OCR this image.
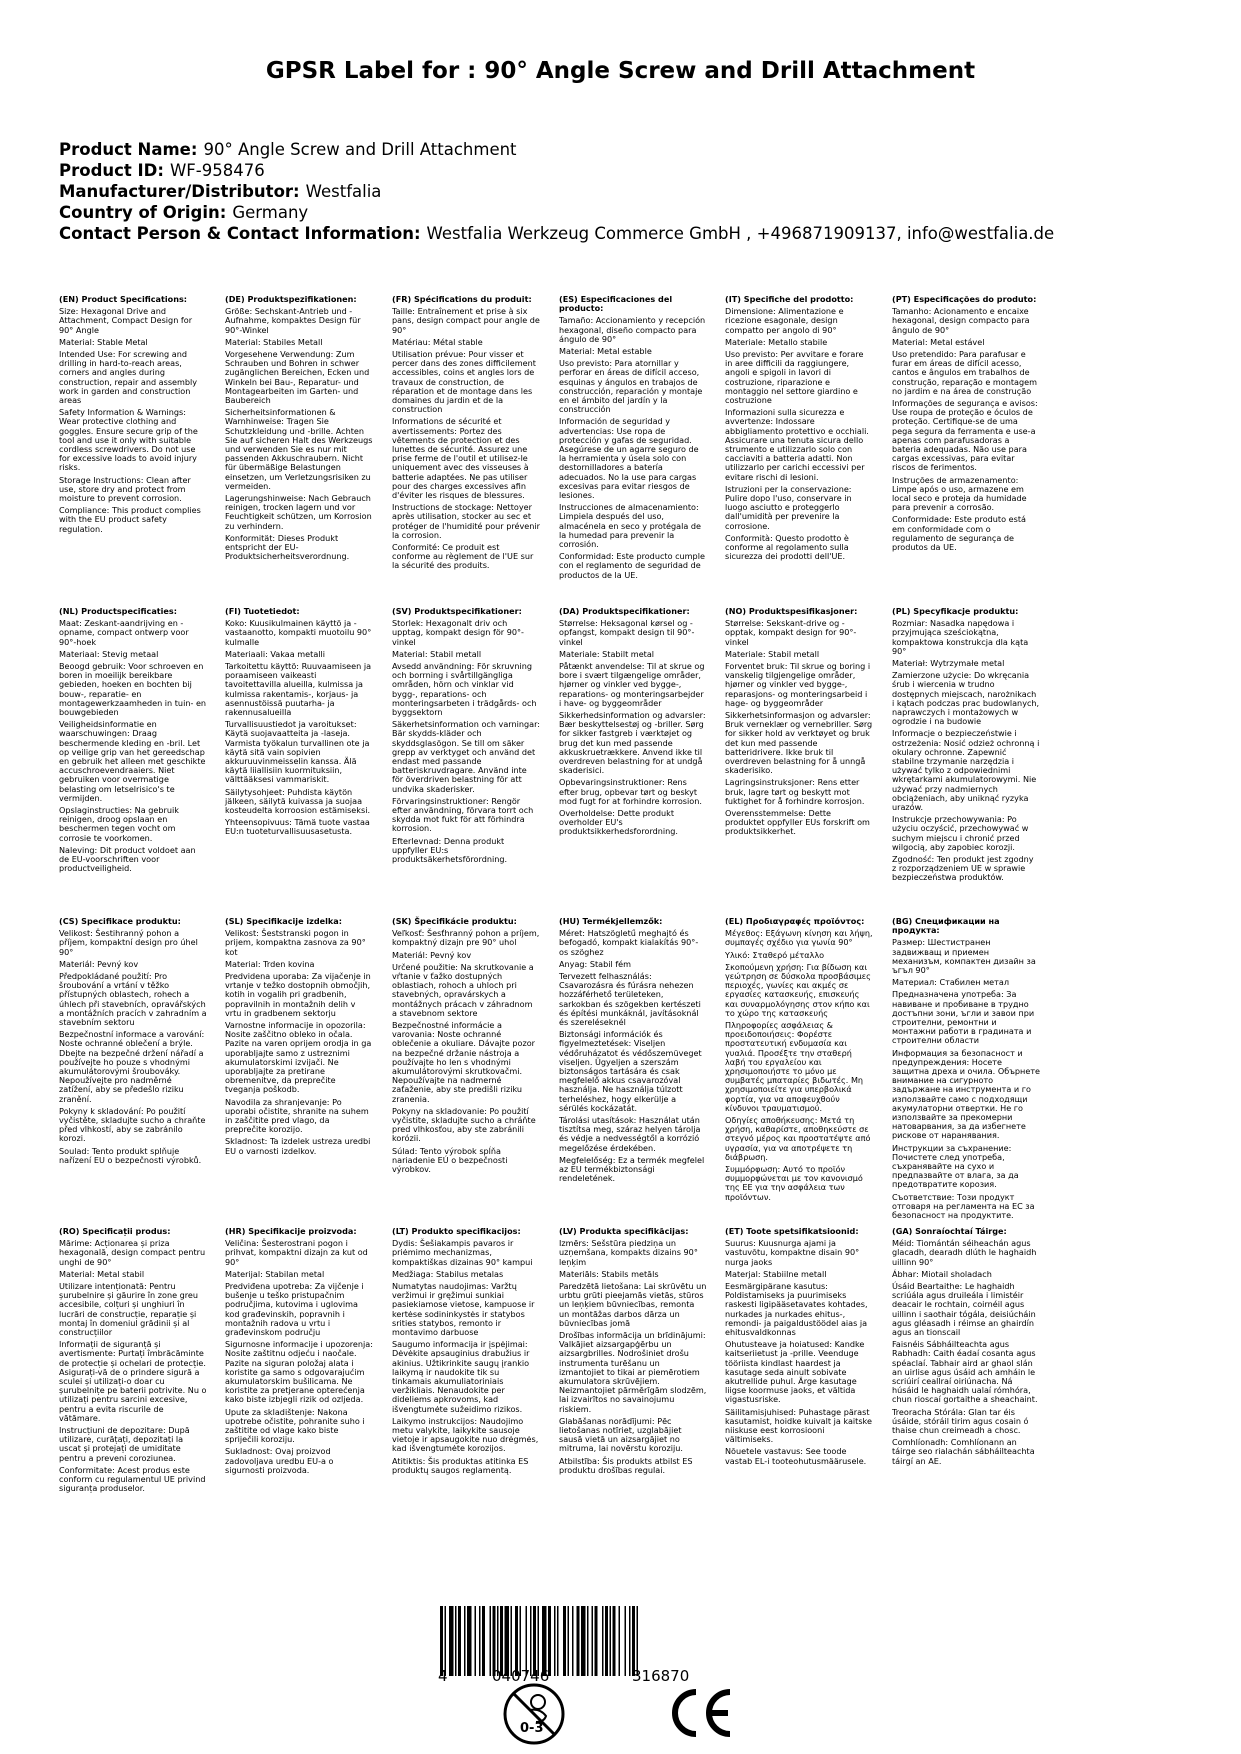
GPSR Label for : 90° Angle Screw and Drill Attachment
Product Name: 90° Angle Screw and Drill Attachment
Product ID: WF-958476
Manufacturer/Distributor: Westfalia
Country of Origin: Germany
Contact Person & Contact Information: Westfalia Werkzeug Commerce GmbH , +496871909137, info@westfalia.de

(EN) Product Specifications:

Size: Hexagonal Drive and Attachment, Compact Design for 90° Angle

Material: Stable Metal

Intended Use: For screwing and drilling in hard-to-reach areas, corners and angles during construction, repair and assembly work in garden and construction areas

Safety Information & Warnings: Wear protective clothing and goggles. Ensure secure grip of the tool and use it only with suitable cordless screwdrivers. Do not use for excessive loads to avoid injury risks.

Storage Instructions: Clean after use, store dry and protect from moisture to prevent corrosion.

Compliance: This product complies with the EU product safety regulation.

(DE) Produktspezifikationen:

Größe: Sechskant-Antrieb und -Aufnahme, kompaktes Design für 90°-Winkel

Material: Stabiles Metall

Vorgesehene Verwendung: Zum Schrauben und Bohren in schwer zugänglichen Bereichen, Ecken und Winkeln bei Bau-, Reparatur- und Montagearbeiten im Garten- und Baubereich

Sicherheitsinformationen & Warnhinweise: Tragen Sie Schutzkleidung und -brille. Achten Sie auf sicheren Halt des Werkzeugs und verwenden Sie es nur mit passenden Akkuschraubern. Nicht für übermäßige Belastungen einsetzen, um Verletzungsrisiken zu vermeiden.

Lagerungshinweise: Nach Gebrauch reinigen, trocken lagern und vor Feuchtigkeit schützen, um Korrosion zu verhindern.

Konformität: Dieses Produkt entspricht der EU-Produktsicherheitsverordnung.

(FR) Spécifications du produit:

Taille: Entraînement et prise à six pans, design compact pour angle de 90°

Matériau: Métal stable

Utilisation prévue: Pour visser et percer dans des zones difficilement accessibles, coins et angles lors de travaux de construction, de réparation et de montage dans les domaines du jardin et de la construction

Informations de sécurité et avertissements: Portez des vêtements de protection et des lunettes de sécurité. Assurez une prise ferme de l'outil et utilisez-le uniquement avec des visseuses à batterie adaptées. Ne pas utiliser pour des charges excessives afin d'éviter les risques de blessures.

Instructions de stockage: Nettoyer après utilisation, stocker au sec et protéger de l'humidité pour prévenir la corrosion.

Conformité: Ce produit est conforme au règlement de l'UE sur la sécurité des produits.

(ES) Especificaciones del producto:

Tamaño: Accionamiento y recepción hexagonal, diseño compacto para ángulo de 90°

Material: Metal estable

Uso previsto: Para atornillar y perforar en áreas de difícil acceso, esquinas y ángulos en trabajos de construcción, reparación y montaje en el ámbito del jardín y la construcción

Información de seguridad y advertencias: Use ropa de protección y gafas de seguridad. Asegúrese de un agarre seguro de la herramienta y úsela solo con destornilladores a batería adecuados. No la use para cargas excesivas para evitar riesgos de lesiones.

Instrucciones de almacenamiento: Limpiela después del uso, almacénela en seco y protégala de la humedad para prevenir la corrosión.

Conformidad: Este producto cumple con el reglamento de seguridad de productos de la UE.

(IT) Specifiche del prodotto:

Dimensione: Alimentazione e ricezione esagonale, design compatto per angolo di 90°

Materiale: Metallo stabile

Uso previsto: Per avvitare e forare in aree difficili da raggiungere, angoli e spigoli in lavori di costruzione, riparazione e montaggio nel settore giardino e costruzione

Informazioni sulla sicurezza e avvertenze: Indossare abbigliamento protettivo e occhiali. Assicurare una tenuta sicura dello strumento e utilizzarlo solo con cacciaviti a batteria adatti. Non utilizzarlo per carichi eccessivi per evitare rischi di lesioni.

Istruzioni per la conservazione: Pulire dopo l'uso, conservare in luogo asciutto e proteggerlo dall'umidità per prevenire la corrosione.

Conformità: Questo prodotto è conforme al regolamento sulla sicurezza dei prodotti dell'UE.

(PT) Especificações do produto:

Tamanho: Acionamento e encaixe hexagonal, design compacto para ângulo de 90°

Material: Metal estável

Uso pretendido: Para parafusar e furar em áreas de difícil acesso, cantos e ângulos em trabalhos de construção, reparação e montagem no jardim e na área de construção

Informações de segurança e avisos: Use roupa de proteção e óculos de proteção. Certifique-se de uma pega segura da ferramenta e use-a apenas com parafusadoras a bateria adequadas. Não use para cargas excessivas, para evitar riscos de ferimentos.

Instruções de armazenamento: Limpe após o uso, armazene em local seco e proteja da humidade para prevenir a corrosão.

Conformidade: Este produto está em conformidade com o regulamento de segurança de produtos da UE.

(NL) Productspecificaties:

Maat: Zeskant-aandrijving en -opname, compact ontwerp voor 90°-hoek

Materiaal: Stevig metaal

Beoogd gebruik: Voor schroeven en boren in moeilijk bereikbare gebieden, hoeken en bochten bij bouw-, reparatie- en montagewerkzaamheden in tuin- en bouwgebieden

Veiligheidsinformatie en waarschuwingen: Draag beschermende kleding en -bril. Let op veilige grip van het gereedschap en gebruik het alleen met geschikte accuschroevendraaiers. Niet gebruiken voor overmatige belasting om letselrisico's te vermijden.

Opslaginstructies: Na gebruik reinigen, droog opslaan en beschermen tegen vocht om corrosie te voorkomen.

Naleving: Dit product voldoet aan de EU-voorschriften voor productveiligheid.

(FI) Tuotetiedot:

Koko: Kuusikulmainen käyttö ja -vastaanotto, kompakti muotoilu 90° kulmalle

Materiaali: Vakaa metalli

Tarkoitettu käyttö: Ruuvaamiseen ja poraamiseen vaikeasti tavoitettavilla alueilla, kulmissa ja kulmissa rakentamis-, korjaus- ja asennustöissä puutarha- ja rakennusalueilla

Turvallisuustiedot ja varoitukset: Käytä suojavaatteita ja -laseja. Varmista työkalun turvallinen ote ja käytä sitä vain sopivien akkuruuvinmeisselin kanssa. Älä käytä liiallisiin kuormituksiin, välttääksesi vammariskit.

Säilytysohjeet: Puhdista käytön jälkeen, säilytä kuivassa ja suojaa kosteudelta korroosion estämiseksi.

Yhteensopivuus: Tämä tuote vastaa EU:n tuoteturvallisuusasetusta.

(SV) Produktspecifikationer:

Storlek: Hexagonalt driv och upptag, kompakt design för 90°-vinkel

Material: Stabil metall

Avsedd användning: För skruvning och borrning i svårtillgängliga områden, hörn och vinklar vid bygg-, reparations- och monteringsarbeten i trädgårds- och byggsektorn

Säkerhetsinformation och varningar: Bär skydds-kläder och skyddsglasögon. Se till om säker grepp av verktyget och använd det endast med passande batteriskruvdragare. Använd inte för överdriven belastning för att undvika skaderisker.

Förvaringsinstruktioner: Rengör efter användning, förvara torrt och skydda mot fukt för att förhindra korrosion.

Efterlevnad: Denna produkt uppfyller EU:s produktsäkerhetsförordning.

(DA) Produktspecifikationer:

Størrelse: Heksagonal kørsel og -opfangst, kompakt design til 90°-vinkel

Materiale: Stabilt metal

Påtænkt anvendelse: Til at skrue og bore i svært tilgængelige områder, hjørner og vinkler ved bygge-, reparations- og monteringsarbejder i have- og byggeområder

Sikkerhedsinformation og advarsler: Bær beskyttelsestøj og -briller. Sørg for sikker fastgreb i værktøjet og brug det kun med passende akkuskruetrækkere. Anvend ikke til overdreven belastning for at undgå skaderisici.

Opbevaringsinstruktioner: Rens efter brug, opbevar tørt og beskyt mod fugt for at forhindre korrosion.

Overholdelse: Dette produkt overholder EU's produktsikkerhedsforordning.

(NO) Produktspesifikasjoner:

Størrelse: Sekskant-drive og -opptak, kompakt design for 90°-vinkel

Materiale: Stabil metall

Forventet bruk: Til skrue og boring i vanskelig tilgjengelige områder, hjørner og vinkler ved bygge-, reparasjons- og monteringsarbeid i hage- og byggeområder

Sikkerhetsinformasjon og advarsler: Bruk verneklær og vernebriller. Sørg for sikker hold av verktøyet og bruk det kun med passende batteridrivere. Ikke bruk til overdreven belastning for å unngå skaderisiko.

Lagringsinstruksjoner: Rens etter bruk, lagre tørt og beskytt mot fuktighet for å forhindre korrosjon.

Overensstemmelse: Dette produktet oppfyller EUs forskrift om produktsikkerhet.

(PL) Specyfikacje produktu:

Rozmiar: Nasadka napędowa i przyjmująca sześciokątna, kompaktowa konstrukcja dla kąta 90°

Materiał: Wytrzymałe metal

Zamierzone użycie: Do wkręcania śrub i wiercenia w trudno dostępnych miejscach, narożnikach i kątach podczas prac budowlanych, naprawczych i montażowych w ogrodzie i na budowie

Informacje o bezpieczeństwie i ostrzeżenia: Nosić odzież ochronną i okulary ochronne. Zapewnić stabilne trzymanie narzędzia i używać tylko z odpowiednimi wkrętarkami akumulatorowymi. Nie używać przy nadmiernych obciążeniach, aby uniknąć ryzyka urazów.

Instrukcje przechowywania: Po użyciu oczyścić, przechowywać w suchym miejscu i chronić przed wilgocią, aby zapobiec korozji.

Zgodność: Ten produkt jest zgodny z rozporządzeniem UE w sprawie bezpieczeństwa produktów.

(CS) Specifikace produktu:

Velikost: Šestihranný pohon a příjem, kompaktní design pro úhel 90°

Materiál: Pevný kov

Předpokládané použití: Pro šroubování a vrtání v těžko přístupných oblastech, rohech a úhlech při stavebních, opravářských a montážních pracích v zahradním a stavebním sektoru

Bezpečnostní informace a varování: Noste ochranné oblečení a brýle. Dbejte na bezpečné držení nářadí a používejte ho pouze s vhodnými akumulátorovými šroubováky. Nepoužívejte pro nadměrné zatížení, aby se předešlo riziku zranění.

Pokyny k skladování: Po použití vyčistěte, skladujte sucho a chraňte před vlhkostí, aby se zabránilo korozi.

Soulad: Tento produkt splňuje nařízení EU o bezpečnosti výrobků.

(SL) Specifikacije izdelka:

Velikost: Šeststranski pogon in prijem, kompaktna zasnova za 90° kot

Material: Trden kovina

Predvidena uporaba: Za vijačenje in vrtanje v težko dostopnih območjih, kotih in vogalih pri gradbenih, popravilnih in montažnih delih v vrtu in gradbenem sektorju

Varnostne informacije in opozorila: Nosite zaščitno obleko in očala. Pazite na varen oprijem orodja in ga uporabljajte samo z ustreznimi akumulatorskimi izvijači. Ne uporabljajte za pretirane obremenitve, da preprečite tveganja poškodb.

Navodila za shranjevanje: Po uporabi očistite, shranite na suhem in zaščitite pred vlago, da preprečite korozijo.

Skladnost: Ta izdelek ustreza uredbi EU o varnosti izdelkov.

(SK) Špecifikácie produktu:

Veľkosť: Šesťhranný pohon a príjem, kompaktný dizajn pre 90° uhol

Materiál: Pevný kov

Určené použitie: Na skrutkovanie a vŕtanie v ťažko dostupných oblastiach, rohoch a uhloch pri stavebných, opravárskych a montážnych prácach v záhradnom a stavebnom sektore

Bezpečnostné informácie a varovania: Noste ochranné oblečenie a okuliare. Dávajte pozor na bezpečné držanie nástroja a používajte ho len s vhodnými akumulátorovými skrutkovačmi. Nepoužívajte na nadmerné zaťaženie, aby ste predišli riziku zranenia.

Pokyny na skladovanie: Po použití vyčistite, skladujte sucho a chráňte pred vlhkosťou, aby ste zabránili korózii.

Súlad: Tento výrobok spĺňa nariadenie EÚ o bezpečnosti výrobkov.

(HU) Termékjellemzők:

Méret: Hatszögletű meghajtó és befogadó, kompakt kialakítás 90°-os szöghez

Anyag: Stabil fém

Tervezett felhasználás: Csavarozásra és fúrásra nehezen hozzáférhető területeken, sarkokban és szögekben kertészeti és építési munkáknál, javításoknál és szereléseknél

Biztonsági információk és figyelmeztetések: Viseljen védőruházatot és védőszemüveget viseljen. Ügyeljen a szerszám biztonságos tartására és csak megfelelő akkus csavarozóval használja. Ne használja túlzott terheléshez, hogy elkerülje a sérülés kockázatát.

Tárolási utasítások: Használat után tisztítsa meg, száraz helyen tárolja és védje a nedvességtől a korrózió megelőzése érdekében.

Megfelelőség: Ez a termék megfelel az EU termékbiztonsági rendeletének.

(EL) Προδιαγραφές προϊόντος:

Μέγεθος: Εξάγωνη κίνηση και λήψη, συμπαγές σχέδιο για γωνία 90°

Υλικό: Σταθερό μέταλλο

Σκοπούμενη χρήση: Για βίδωση και γεώτρηση σε δύσκολα προσβάσιμες περιοχές, γωνίες και ακμές σε εργασίες κατασκευής, επισκευής και συναρμολόγησης στον κήπο και το χώρο της κατασκευής

Πληροφορίες ασφάλειας & προειδοποιήσεις: Φορέστε προστατευτική ενδυμασία και γυαλιά. Προσέξτε την σταθερή λαβή του εργαλείου και χρησιμοποιήστε το μόνο με συμβατές μπαταρίες βιδωτές. Μη χρησιμοποιείτε για υπερβολικά φορτία, για να αποφευχθούν κίνδυνοι τραυματισμού.

Οδηγίες αποθήκευσης: Μετά τη χρήση, καθαρίστε, αποθηκεύστε σε στεγνό μέρος και προστατέψτε από υγρασία, για να αποτρέψετε τη διάβρωση.

Συμμόρφωση: Αυτό το προϊόν συμμορφώνεται με τον κανονισμό της ΕΕ για την ασφάλεια των προϊόντων.

(BG) Спецификации на продукта:

Размер: Шестистранен задвижващ и приемен механизъм, компактен дизайн за ъгъл 90°

Материал: Стабилен метал

Предназначена употреба: За навиване и пробиване в трудно достъпни зони, ъгли и завои при строителни, ремонтни и монтажни работи в градината и строителни области

Информация за безопасност и предупреждения: Носете защитна дреха и очила. Обърнете внимание на сигурното задържане на инструмента и го използвайте само с подходящи акумулаторни отвертки. Не го използвайте за прекомерни натоварвания, за да избегнете рискове от наранявания.

Инструкции за съхранение: Почистете след употреба, съхранявайте на сухо и предпазвайте от влага, за да предотвратите корозия.

Съответствие: Този продукт отговаря на регламента на ЕС за безопасност на продуктите.

(RO) Specificații produs:

Mărime: Acționarea și priza hexagonală, design compact pentru unghi de 90°

Material: Metal stabil

Utilizare intenționată: Pentru șurubelnire și găurire în zone greu accesibile, colțuri și unghiuri în lucrări de construcție, reparație și montaj în domeniul grădinii și al construcțiilor

Informații de siguranță și avertismente: Purtați îmbrăcăminte de protecție și ochelari de protecție. Asigurați-vă de o prindere sigură a sculei și utilizați-o doar cu șurubelnițe pe baterii potrivite. Nu o utilizați pentru sarcini excesive, pentru a evita riscurile de vătămare.

Instrucțiuni de depozitare: După utilizare, curățați, depozitați la uscat și protejați de umiditate pentru a preveni coroziunea.

Conformitate: Acest produs este conform cu regulamentul UE privind siguranța produselor.

(HR) Specifikacije proizvoda:

Veličina: Šesterostrani pogon i prihvat, kompaktni dizajn za kut od 90°

Materijal: Stabilan metal

Predviđena upotreba: Za vijčenje i bušenje u teško pristupačnim područjima, kutovima i uglovima kod građevinskih, popravnih i montažnih radova u vrtu i građevinskom području

Sigurnosne informacije i upozorenja: Nosite zaštitnu odjeću i naočale. Pazite na siguran položaj alata i koristite ga samo s odgovarajućim akumulatorskim bušilicama. Ne koristite za pretjerane opterećenja kako biste izbjegli rizik od ozljeda.

Upute za skladištenje: Nakona upotrebe očistite, pohranite suho i zaštitite od vlage kako biste spriječili koroziju.

Sukladnost: Ovaj proizvod zadovoljava uredbu EU-a o sigurnosti proizvoda.

(LT) Produkto specifikacijos:

Dydis: Šešiakampis pavaros ir priėmimo mechanizmas, kompaktiškas dizainas 90° kampui

Medžiaga: Stabilus metalas

Numatytas naudojimas: Varžtų veržimui ir gręžimui sunkiai pasiekiamose vietose, kampuose ir kertėse sodininkystės ir statybos srities statybos, remonto ir montavimo darbuose

Saugumo informacija ir įspėjimai: Dėvėkite apsauginius drabužius ir akinius. Užtikrinkite saugų įrankio laikymą ir naudokite tik su tinkamais akumuliatoriniais veržikliais. Nenaudokite per dideliems apkrovoms, kad išvengtumėte sužeidimo rizikos.

Laikymo instrukcijos: Naudojimo metu valykite, laikykite sausoje vietoje ir apsaugokite nuo drėgmės, kad išvengtumėte korozijos.

Atitiktis: Šis produktas atitinka ES produktų saugos reglamentą.

(LV) Produkta specifikācijas:

Izmērs: Sešstūra piedziņa un uzņemšana, kompakts dizains 90° leņķim

Materiāls: Stabils metāls

Paredzētā lietošana: Lai skrūvētu un urbtu grūti pieejamās vietās, stūros un leņķiem būvniecības, remonta un montāžas darbos dārza un būvniecības jomā

Drošības informācija un brīdinājumi: Valkājiet aizsargapģērbu un aizsargbrilles. Nodrošiniet drošu instrumenta turēšanu un izmantojiet to tikai ar piemērotiem akumulatora skrūvējiem. Neizmantojiet pārmērīgām slodzēm, lai izvairītos no savainojumu riskiem.

Glabāšanas norādījumi: Pēc lietošanas notīriet, uzglabājiet sausā vietā un aizsargājiet no mitruma, lai novērstu koroziju.

Atbilstība: Šis produkts atbilst ES produktu drošības regulai.

(ET) Toote spetsifikatsioonid:

Suurus: Kuusnurga ajami ja vastuvõtu, kompaktne disain 90° nurga jaoks

Materjal: Stabiilne metall

Eesmärgipärane kasutus: Poldistamiseks ja puurimiseks raskesti ligipääsetavates kohtades, nurkades ja nurkades ehitus-, remondi- ja paigaldustöödel aias ja ehitusvaldkonnas

Ohutusteave ja hoiatused: Kandke kaitseriietust ja -prille. Veenduge tööriista kindlast haardest ja kasutage seda ainult sobivate akutrellide puhul. Ärge kasutage liigse koormuse jaoks, et vältida vigastusriske.

Säilitamisjuhised: Puhastage pärast kasutamist, hoidke kuivalt ja kaitske niiskuse eest korrosiooni vältimiseks.

Nõuetele vastavus: See toode vastab EL-i tooteohutusmäärusele.

(GA) Sonraíochtaí Táirge:

Méid: Tiomántán séiheachán agus glacadh, dearadh dlúth le haghaidh uillinn 90°

Ábhar: Miotail sholadach

Úsáid Beartaithe: Le haghaidh scriúála agus druileála i limistéir deacair le rochtain, coirnéil agus uillinn i saothair tógála, deisiúcháin agus gléasadh i réimse an ghairdín agus an tionscail

Faisnéis Sábháilteachta agus Rabhadh: Caith éadaí cosanta agus spéaclaí. Tabhair aird ar ghaol slán an uirlise agus úsáid ach amháin le scriúirí ceallraí oiriúnacha. Ná húsáid le haghaidh ualaí rómhóra, chun rioscaí gortaithe a sheachaint.

Treoracha Stórála: Glan tar éis úsáide, stóráil tirim agus cosain ó thaise chun creimeadh a chosc.

Comhlíonadh: Comhlíonann an táirge seo rialachán sábháilteachta táirgí an AE.

4	040746	316870
0-3
